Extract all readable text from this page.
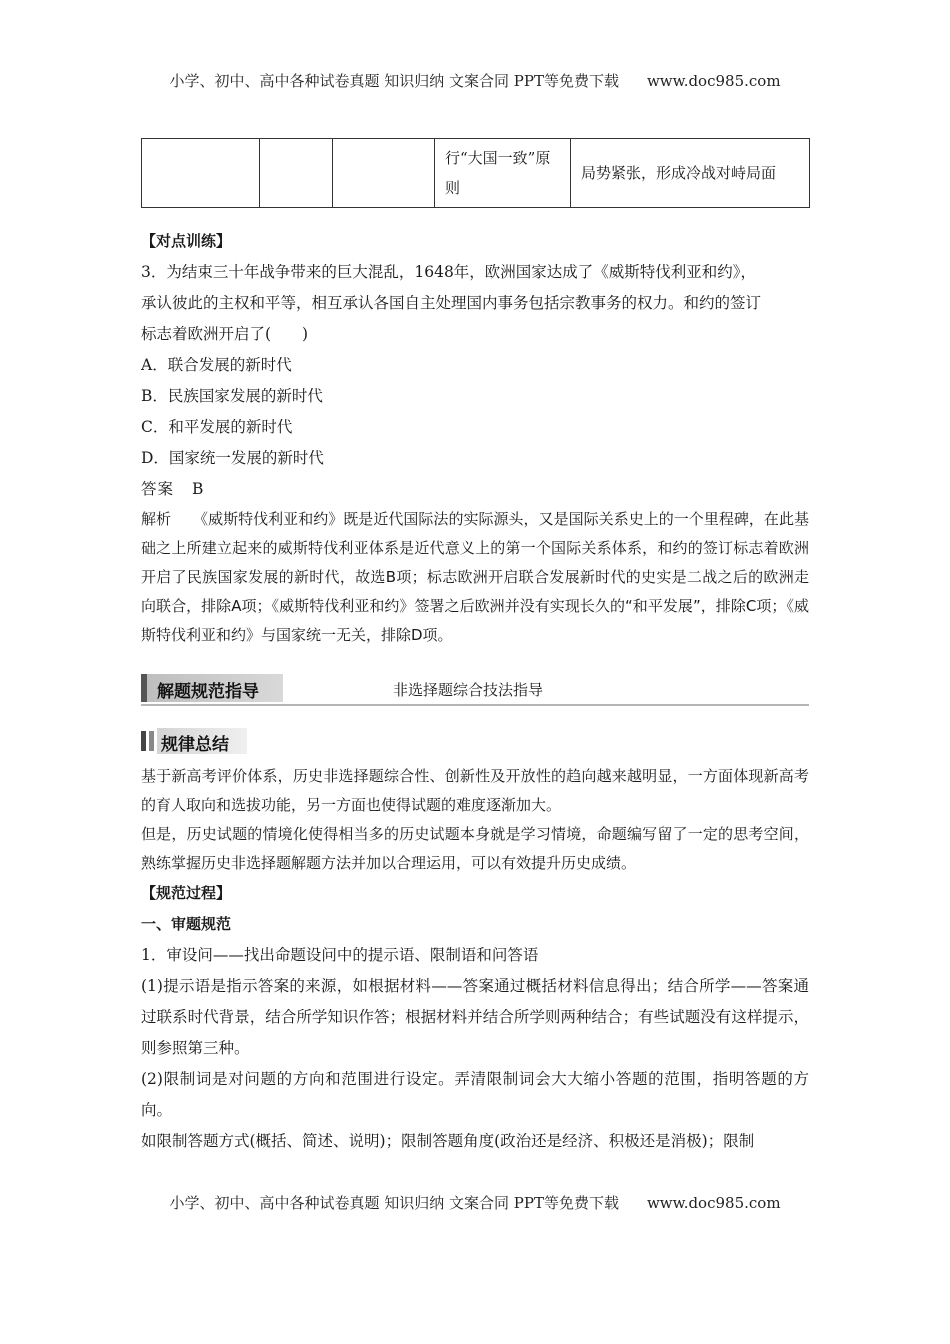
小学、初中、高中各种试卷真题 知识归纳 文案合同 PPT等免费下载 www.doc985.com
			行“大国一致”原则	局势紧张，形成冷战对峙局面
【对点训练】
3．为结束三十年战争带来的巨大混乱，1648年，欧洲国家达成了《威斯特伐利亚和约》，
承认彼此的主权和平等，相互承认各国自主处理国内事务包括宗教事务的权力。和约的签订
标志着欧洲开启了(　　)
A．联合发展的新时代
B．民族国家发展的新时代
C．和平发展的新时代
D．国家统一发展的新时代
答案 B
解析 《威斯特伐利亚和约》既是近代国际法的实际源头，又是国际关系史上的一个里程碑，在此基础之上所建立起来的威斯特伐利亚体系是近代意义上的第一个国际关系体系，和约的签订标志着欧洲开启了民族国家发展的新时代，故选B项；标志欧洲开启联合发展新时代的史实是二战之后的欧洲走向联合，排除A项；《威斯特伐利亚和约》签署之后欧洲并没有实现长久的“和平发展”，排除C项；《威斯特伐利亚和约》与国家统一无关，排除D项。
解题规范指导	非选择题综合技法指导
规律总结
基于新高考评价体系，历史非选择题综合性、创新性及开放性的趋向越来越明显，一方面体现新高考的育人取向和选拔功能，另一方面也使得试题的难度逐渐加大。
但是，历史试题的情境化使得相当多的历史试题本身就是学习情境，命题编写留了一定的思考空间，熟练掌握历史非选择题解题方法并加以合理运用，可以有效提升历史成绩。
【规范过程】
一、审题规范
1．审设问——找出命题设问中的提示语、限制语和问答语
(1)提示语是指示答案的来源，如根据材料——答案通过概括材料信息得出；结合所学——答案通过联系时代背景，结合所学知识作答；根据材料并结合所学则两种结合；有些试题没有这样提示，则参照第三种。
(2)限制词是对问题的方向和范围进行设定。弄清限制词会大大缩小答题的范围，指明答题的方向。
如限制答题方式(概括、简述、说明)；限制答题角度(政治还是经济、积极还是消极)；限制
小学、初中、高中各种试卷真题 知识归纳 文案合同 PPT等免费下载 www.doc985.com
